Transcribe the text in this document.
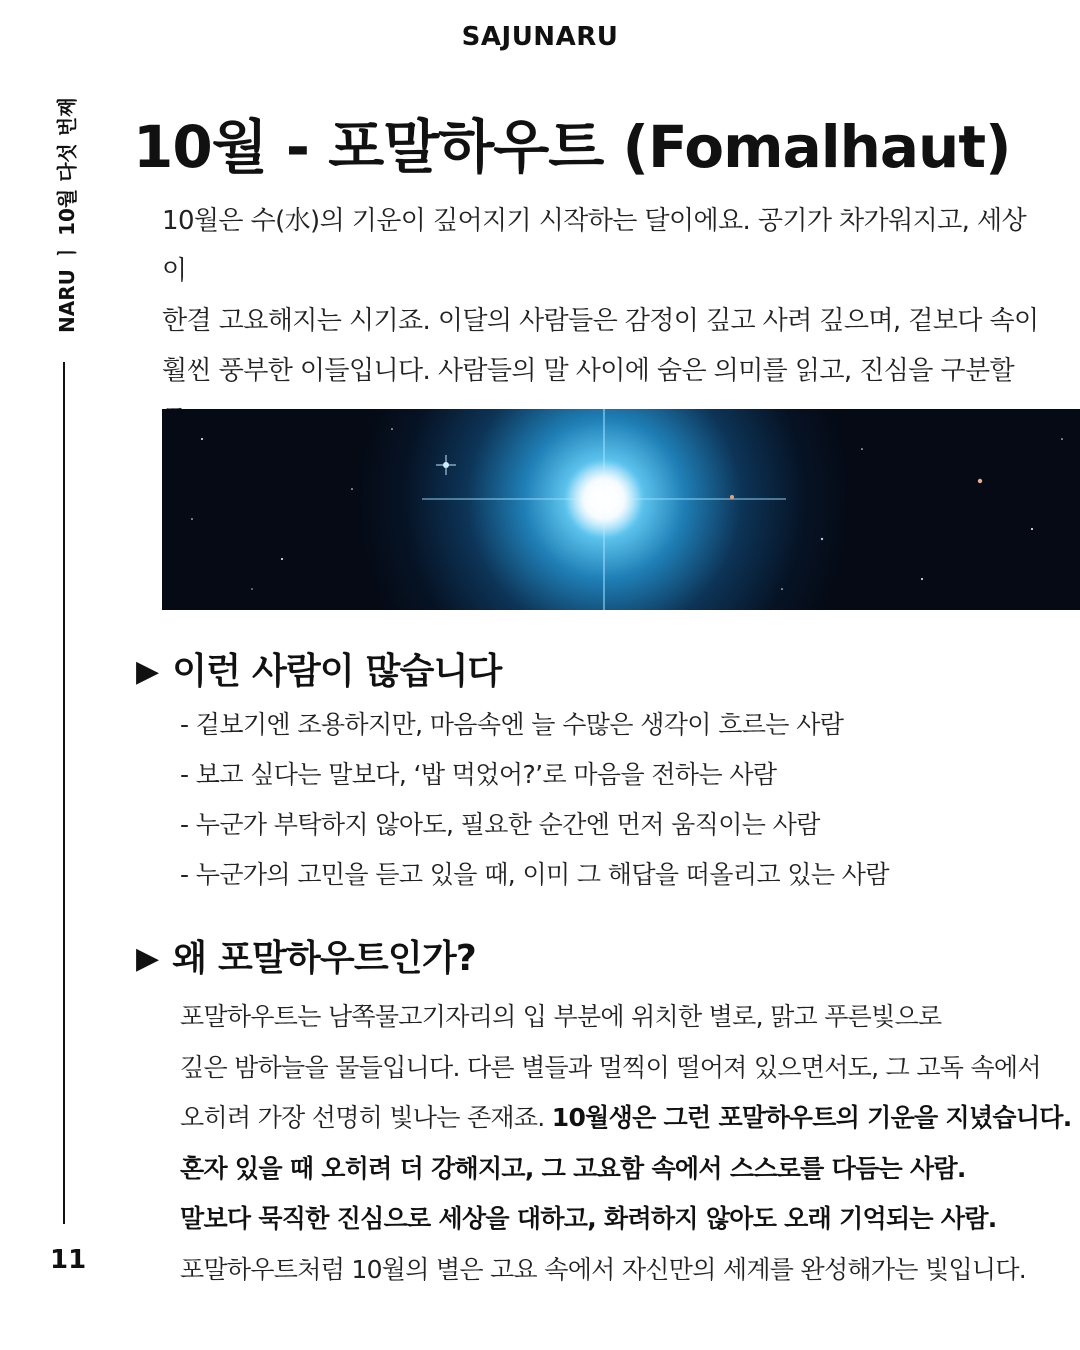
SAJUNARU
NARU ㅣ 10월 다섯 번째
11
10월 - 포말하우트 (Fomalhaut)

10월은 수(水)의 기운이 깊어지기 시작하는 달이에요. 공기가 차가워지고, 세상이
한결 고요해지는 시기죠. 이달의 사람들은 감정이 깊고 사려 깊으며, 겉보다 속이
훨씬 풍부한 이들입니다. 사람들의 말 사이에 숨은 의미를 읽고, 진심을 구분할

▶ 이런 사람이 많습니다
- 겉보기엔 조용하지만, 마음속엔 늘 수많은 생각이 흐르는 사람
- 보고 싶다는 말보다, ‘밥 먹었어?’로 마음을 전하는 사람
- 누군가 부탁하지 않아도, 필요한 순간엔 먼저 움직이는 사람
- 누군가의 고민을 듣고 있을 때, 이미 그 해답을 떠올리고 있는 사람
▶ 왜 포말하우트인가?

포말하우트는 남쪽물고기자리의 입 부분에 위치한 별로, 맑고 푸른빛으로
깊은 밤하늘을 물들입니다. 다른 별들과 멀찍이 떨어져 있으면서도, 그 고독 속에서
오히려 가장 선명히 빛나는 존재죠. 10월생은 그런 포말하우트의 기운을 지녔습니다.
혼자 있을 때 오히려 더 강해지고, 그 고요함 속에서 스스로를 다듬는 사람.
말보다 묵직한 진심으로 세상을 대하고, 화려하지 않아도 오래 기억되는 사람.
포말하우트처럼 10월의 별은 고요 속에서 자신만의 세계를 완성해가는 빛입니다.
